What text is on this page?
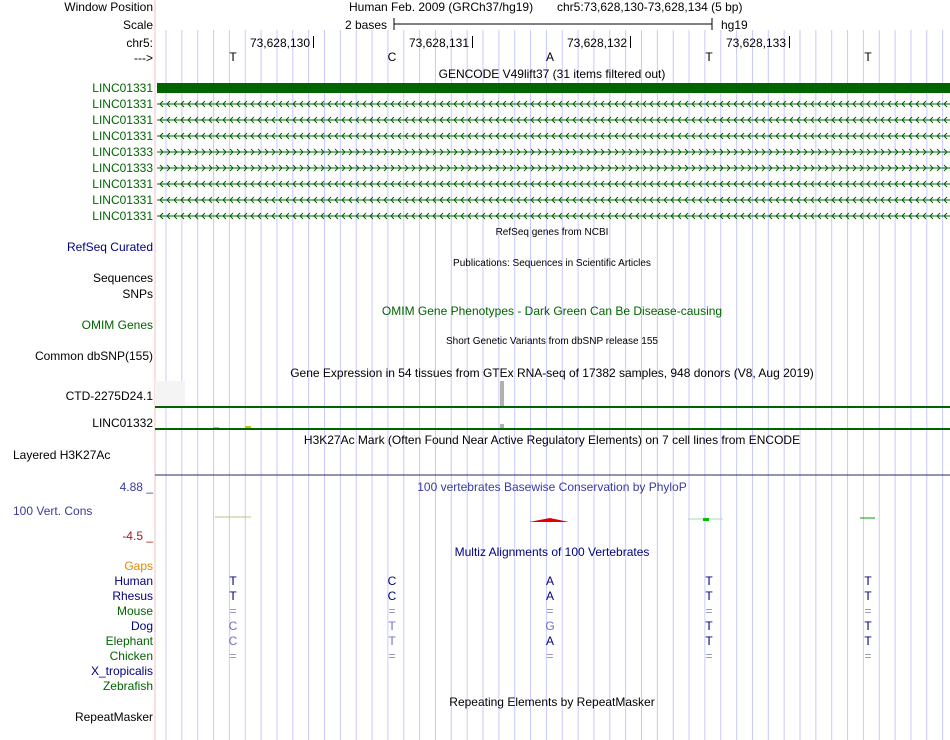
Window Position
Scale
chr5:
--->
Human Feb. 2009 (GRCh37/hg19) chr5:73,628,130-73,628,134 (5 bp)
2 bases	hg19
73,628,130	73,628,131	73,628,132	73,628,133
T	C	A	T	T
GENCODE V49lift37 (31 items filtered out)
LINC01331
LINC01331
LINC01331
LINC01331
LINC01333
LINC01333
LINC01331
LINC01331
LINC01331
RefSeq genes from NCBI
RefSeq Curated
Publications: Sequences in Scientific Articles
Sequences
SNPs
OMIM Gene Phenotypes - Dark Green Can Be Disease-causing
OMIM Genes
Short Genetic Variants from dbSNP release 155
Common dbSNP(155)
Gene Expression in 54 tissues from GTEx RNA-seq of 17382 samples, 948 donors (V8, Aug 2019)
CTD-2275D24.1
LINC01332
H3K27Ac Mark (Often Found Near Active Regulatory Elements) on 7 cell lines from ENCODE
Layered H3K27Ac
100 vertebrates Basewise Conservation by PhyloP
4.88 _
100 Vert. Cons
-4.5 _
Multiz Alignments of 100 Vertebrates
Gaps
Human	T	C	A	T	T
Rhesus	T	C	A	T	T
Mouse	=	=	=	=	=
Dog	C	T	G	T	T
Elephant	C	T	A	T	T
Chicken	=	=	=	=	=
X_tropicalis
Zebrafish
Repeating Elements by RepeatMasker
RepeatMasker
